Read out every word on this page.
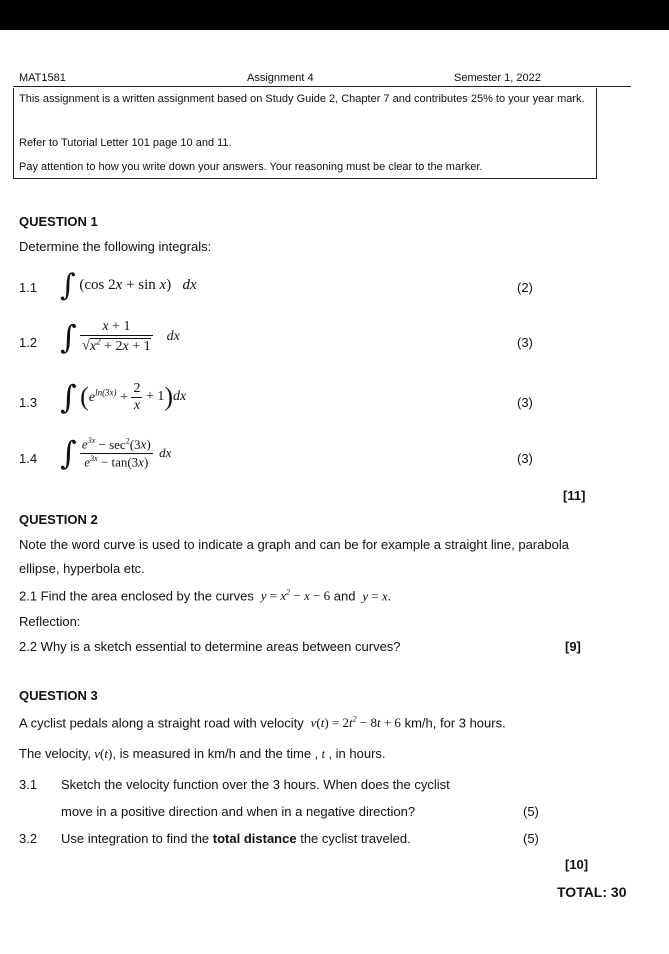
MAT1581	Assignment 4	Semester 1, 2022

This assignment is a written assignment based on Study Guide 2, Chapter 7 and contributes 25% to your year mark.

Refer to Tutorial Letter 101 page 10 and 11.

Pay attention to how you write down your answers. Your reasoning must be clear to the marker.

QUESTION 1
Determine the following integrals:
1.1 ∫ (cos 2x + sin x)   dx	(2)
1.2 ∫ $\frac{x + 1}{√x^2 + 2x + 1}$ dx	(3)
1.3 ∫ $(e^{ln(3x)} + \frac{2}{x} + 1)dx$	(3)
1.4 ∫ $\frac{e^{3x} - \sec^2(3x)}{e^{3x} - \tan(3x)}$ dx	(3)
[11]
QUESTION 2
Note the word curve is used to indicate a graph and can be for example a straight line, parabola
ellipse, hyperbola etc.
2.1 Find the area enclosed by the curves  $y = x^2 - x - 6$ and  y = x.
Reflection:
2.2 Why is a sketch essential to determine areas between curves?	[9]
QUESTION 3
A cyclist pedals along a straight road with velocity  $v(t) = 2t^2 - 8t + 6$ km/h, for 3 hours.
The velocity, v(t), is measured in km/h and the time , t , in hours.
3.1 Sketch the velocity function over the 3 hours. When does the cyclist
move in a positive direction and when in a negative direction?	(5)
3.2 Use integration to find the total distance the cyclist traveled.	(5)
[10]
TOTAL: 30
